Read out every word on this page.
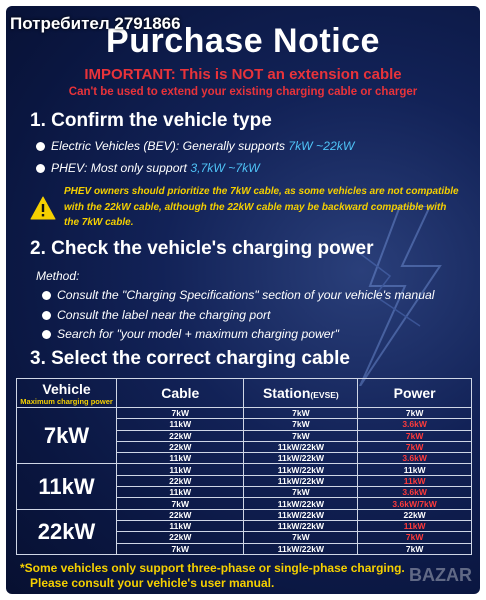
Purchase Notice
IMPORTANT: This is NOT an extension cable
Can't be used to extend your existing charging cable or charger
1. Confirm the vehicle type
Electric Vehicles (BEV): Generally supports 7kW ~22kW
PHEV: Most only support 3,7kW ~7kW
PHEV owners should prioritize the 7kW cable, as some vehicles are not compatible with the 22kW cable, although the 22kW cable may be backward compatible with the 7kW cable.
2. Check the vehicle's charging power
Method:
Consult the "Charging Specifications" section of your vehicle's manual
Consult the label near the charging port
Search for "your model + maximum charging power"
3. Select the correct charging cable
Vehicle
Maximum charging power	Cable	Station(EVSE)	Power
7kW	7kW	7kW	7kW
	11kW	7kW	3.6kW
	22kW	7kW	7kW
	22kW	11kW/22kW	7kW
	11kW	11kW/22kW	3.6kW
11kW	11kW	11kW/22kW	11kW
	22kW	11kW/22kW	11kW
	11kW	7kW	3.6kW
	7kW	11kW/22kW	3.6kW/7kW
22kW	22kW	11kW/22kW	22kW
	11kW	11kW/22kW	11kW
	22kW	7kW	7kW
	7kW	11kW/22kW	7kW
*Some vehicles only support three-phase or single-phase charging.
Please consult your vehicle's user manual.	BAZAR
Потребител 2791866
